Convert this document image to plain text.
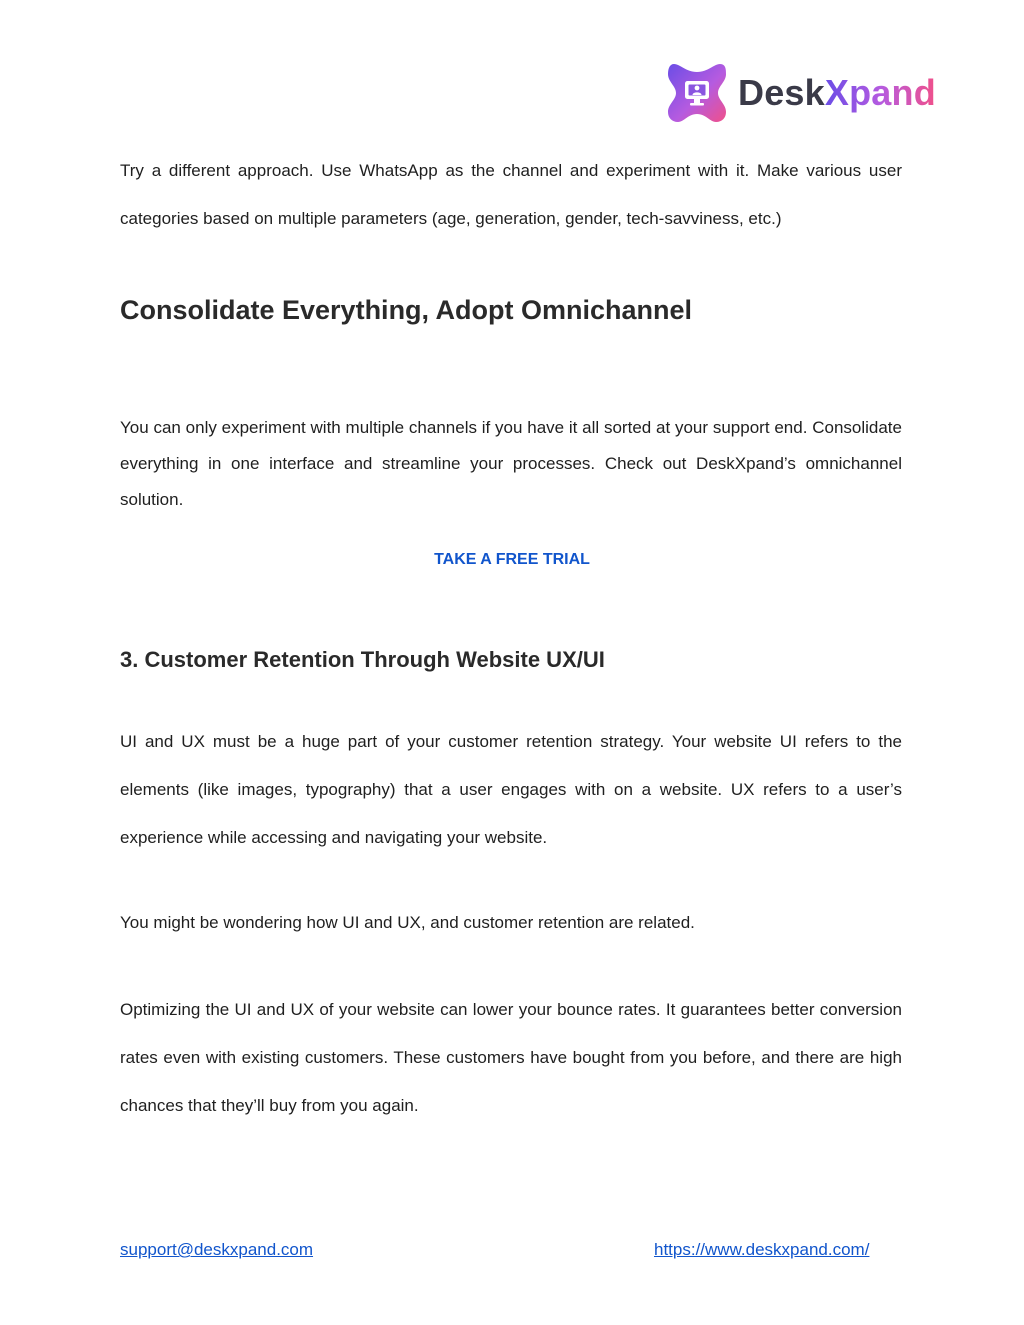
DeskXpand

Try a different approach. Use WhatsApp as the channel and experiment with it. Make various user categories based on multiple parameters (age, generation, gender, tech-savviness, etc.)

Consolidate Everything, Adopt Omnichannel

You can only experiment with multiple channels if you have it all sorted at your support end. Consolidate everything in one interface and streamline your processes. Check out DeskXpand’s omnichannel solution.

TAKE A FREE TRIAL
3. Customer Retention Through Website UX/UI

UI and UX must be a huge part of your customer retention strategy. Your website UI refers to the elements (like images, typography) that a user engages with on a website. UX refers to a user’s experience while accessing and navigating your website.

You might be wondering how UI and UX, and customer retention are related.

Optimizing the UI and UX of your website can lower your bounce rates. It guarantees better conversion rates even with existing customers. These customers have bought from you before, and there are high chances that they’ll buy from you again.

support@deskxpand.com	https://www.deskxpand.com/
